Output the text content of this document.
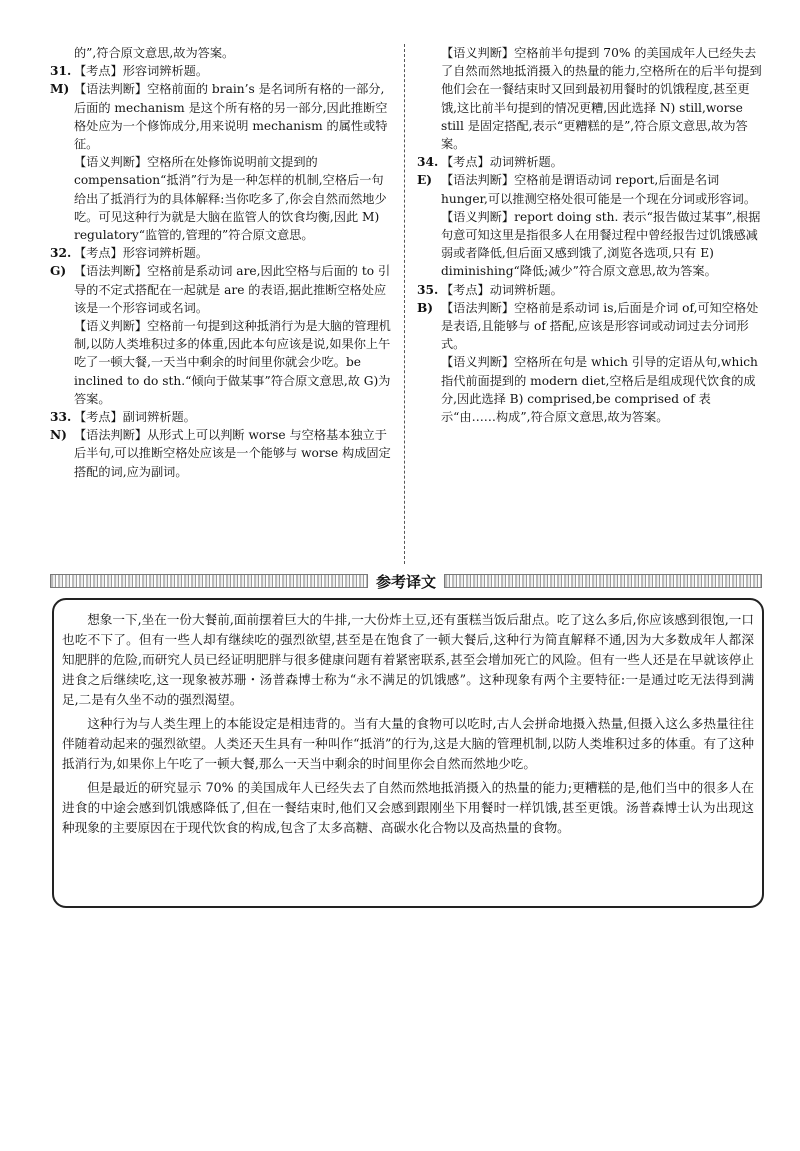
的”,符合原文意思,故为答案。

31. 【考点】形容词辨析题。
M) 【语法判断】空格前面的 brain’s 是名词所有格的一部分,后面的 mechanism 是这个所有格的另一部分,因此推断空格处应为一个修饰成分,用来说明 mechanism 的属性或特征。

【语义判断】空格所在处修饰说明前文提到的 compensation“抵消”行为是一种怎样的机制,空格后一句给出了抵消行为的具体解释:当你吃多了,你会自然而然地少吃。可见这种行为就是大脑在监管人的饮食均衡,因此 M) regulatory“监管的,管理的”符合原文意思。

32. 【考点】形容词辨析题。
G) 【语法判断】空格前是系动词 are,因此空格与后面的 to 引导的不定式搭配在一起就是 are 的表语,据此推断空格处应该是一个形容词或名词。

【语义判断】空格前一句提到这种抵消行为是大脑的管理机制,以防人类堆积过多的体重,因此本句应该是说,如果你上午吃了一顿大餐,一天当中剩余的时间里你就会少吃。be inclined to do sth.“倾向于做某事”符合原文意思,故 G)为答案。

33. 【考点】副词辨析题。
N) 【语法判断】从形式上可以判断 worse 与空格基本独立于后半句,可以推断空格处应该是一个能够与 worse 构成固定搭配的词,应为副词。

【语义判断】空格前半句提到 70% 的美国成年人已经失去了自然而然地抵消摄入的热量的能力,空格所在的后半句提到他们会在一餐结束时又回到最初用餐时的饥饿程度,甚至更饿,这比前半句提到的情况更糟,因此选择 N) still,worse still 是固定搭配,表示“更糟糕的是”,符合原文意思,故为答案。

34. 【考点】动词辨析题。
E) 【语法判断】空格前是谓语动词 report,后面是名词 hunger,可以推测空格处很可能是一个现在分词或形容词。

【语义判断】report doing sth. 表示“报告做过某事”,根据句意可知这里是指很多人在用餐过程中曾经报告过饥饿感减弱或者降低,但后面又感到饿了,浏览各选项,只有 E) diminishing“降低;减少”符合原文意思,故为答案。

35. 【考点】动词辨析题。
B) 【语法判断】空格前是系动词 is,后面是介词 of,可知空格处是表语,且能够与 of 搭配,应该是形容词或动词过去分词形式。

【语义判断】空格所在句是 which 引导的定语从句,which 指代前面提到的 modern diet,空格后是组成现代饮食的成分,因此选择 B) comprised,be comprised of 表示“由……构成”,符合原文意思,故为答案。

参考译文

想象一下,坐在一份大餐前,面前摆着巨大的牛排,一大份炸土豆,还有蛋糕当饭后甜点。吃了这么多后,你应该感到很饱,一口也吃不下了。但有一些人却有继续吃的强烈欲望,甚至是在饱食了一顿大餐后,这种行为简直解释不通,因为大多数成年人都深知肥胖的危险,而研究人员已经证明肥胖与很多健康问题有着紧密联系,甚至会增加死亡的风险。但有一些人还是在早就该停止进食之后继续吃,这一现象被苏珊・汤普森博士称为“永不满足的饥饿感”。这种现象有两个主要特征:一是通过吃无法得到满足,二是有久坐不动的强烈渴望。

这种行为与人类生理上的本能设定是相违背的。当有大量的食物可以吃时,古人会拼命地摄入热量,但摄入这么多热量往往伴随着动起来的强烈欲望。人类还天生具有一种叫作“抵消”的行为,这是大脑的管理机制,以防人类堆积过多的体重。有了这种抵消行为,如果你上午吃了一顿大餐,那么一天当中剩余的时间里你会自然而然地少吃。

但是最近的研究显示 70% 的美国成年人已经失去了自然而然地抵消摄入的热量的能力;更糟糕的是,他们当中的很多人在进食的中途会感到饥饿感降低了,但在一餐结束时,他们又会感到跟刚坐下用餐时一样饥饿,甚至更饿。汤普森博士认为出现这种现象的主要原因在于现代饮食的构成,包含了太多高糖、高碳水化合物以及高热量的食物。
